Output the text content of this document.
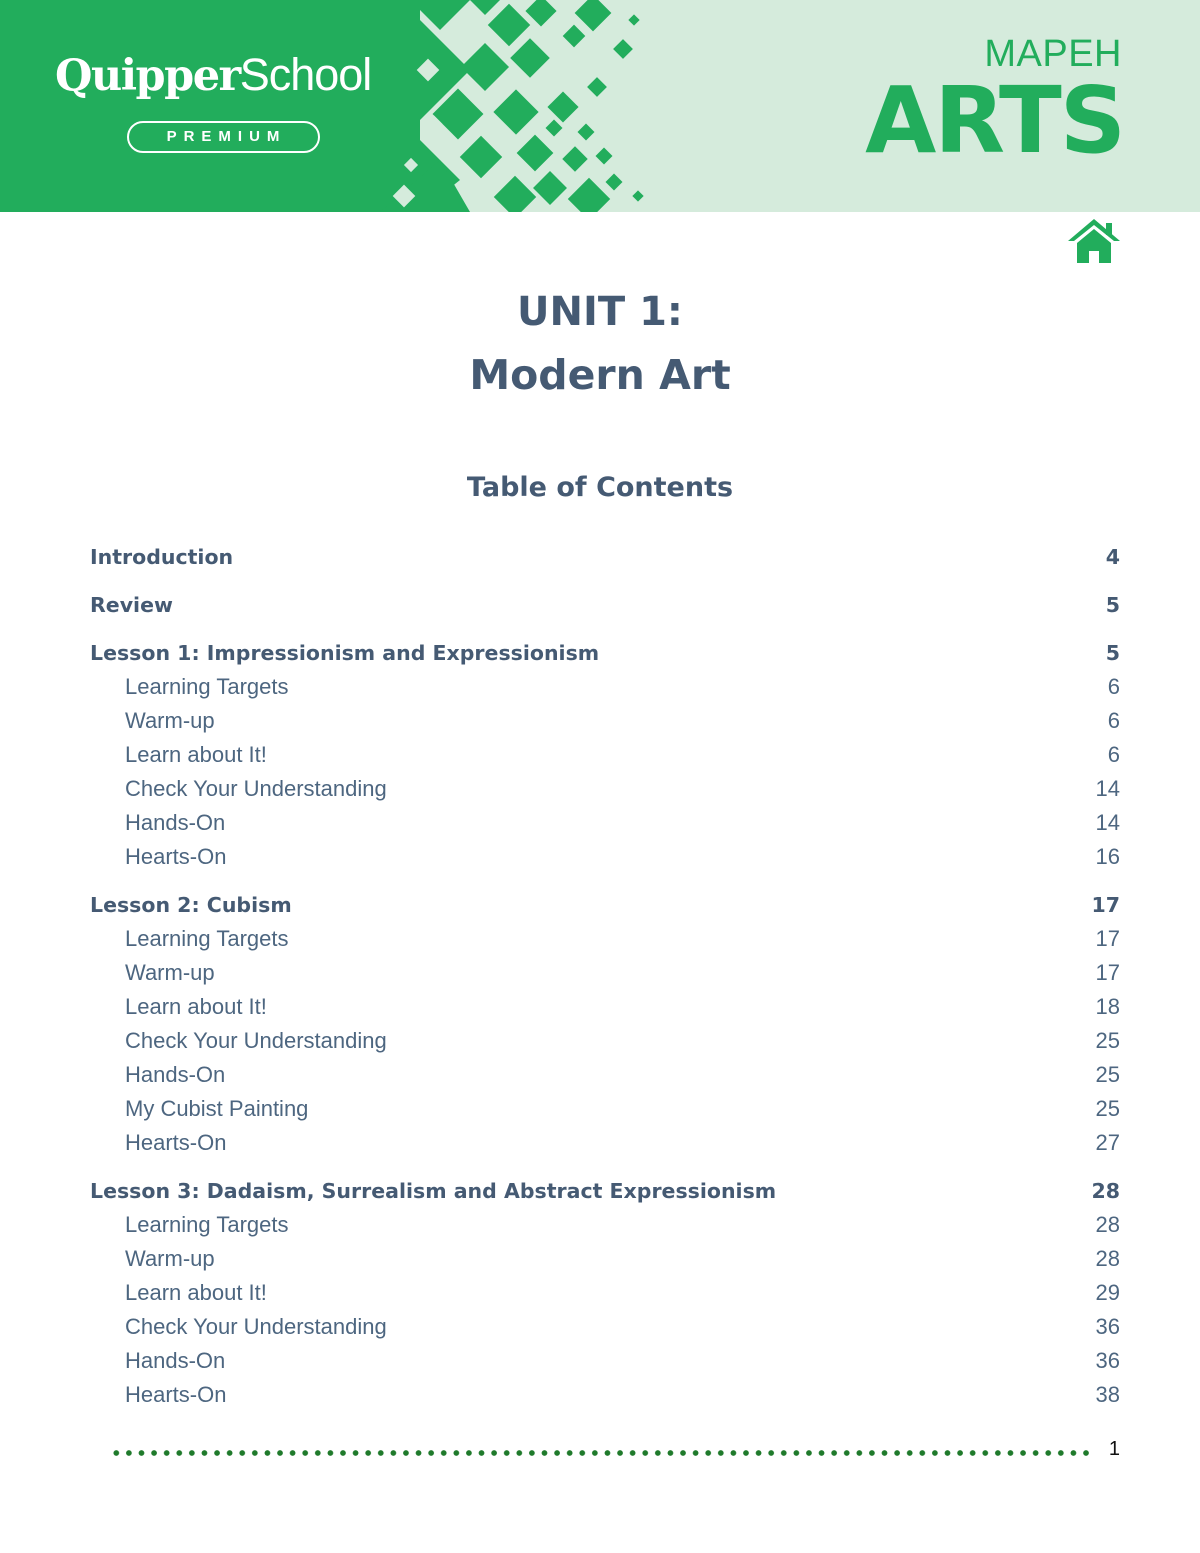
QuipperSchool
PREMIUM
MAPEH
ARTS
UNIT 1:
Modern Art
Table of Contents
Introduction	4
Review	5
Lesson 1: Impressionism and Expressionism	5
Learning Targets	6
Warm-up	6
Learn about It!	6
Check Your Understanding	14
Hands-On	14
Hearts-On	16
Lesson 2: Cubism	17
Learning Targets	17
Warm-up	17
Learn about It!	18
Check Your Understanding	25
Hands-On	25
My Cubist Painting	25
Hearts-On	27
Lesson 3: Dadaism, Surrealism and Abstract Expressionism	28
Learning Targets	28
Warm-up	28
Learn about It!	29
Check Your Understanding	36
Hands-On	36
Hearts-On	38
1
